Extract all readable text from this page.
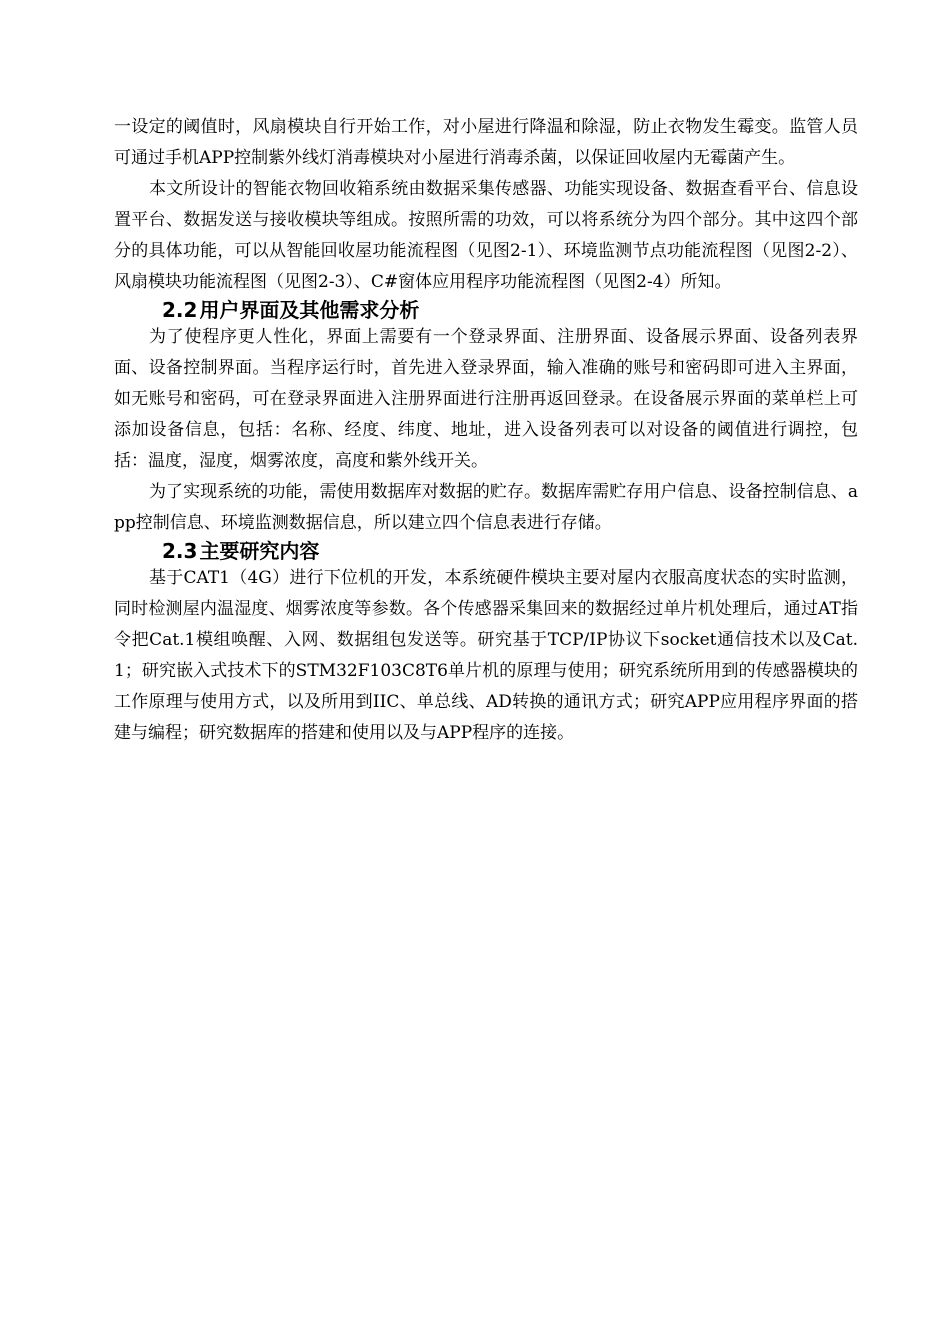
一设定的阈值时，风扇模块自行开始工作，对小屋进行降温和除湿，防止衣物发生霉变。监管人员可通过手机APP控制紫外线灯消毒模块对小屋进行消毒杀菌，以保证回收屋内无霉菌产生。

本文所设计的智能衣物回收箱系统由数据采集传感器、功能实现设备、数据查看平台、信息设置平台、数据发送与接收模块等组成。按照所需的功效，可以将系统分为四个部分。其中这四个部分的具体功能，可以从智能回收屋功能流程图（见图2-1）、环境监测节点功能流程图（见图2-2）、风扇模块功能流程图（见图2-3）、C#窗体应用程序功能流程图（见图2-4）所知。

2.2 用户界面及其他需求分析

为了使程序更人性化，界面上需要有一个登录界面、注册界面、设备展示界面、设备列表界面、设备控制界面。当程序运行时，首先进入登录界面，输入准确的账号和密码即可进入主界面，如无账号和密码，可在登录界面进入注册界面进行注册再返回登录。在设备展示界面的菜单栏上可添加设备信息，包括：名称、经度、纬度、地址，进入设备列表可以对设备的阈值进行调控，包括：温度，湿度，烟雾浓度，高度和紫外线开关。

为了实现系统的功能，需使用数据库对数据的贮存。数据库需贮存用户信息、设备控制信息、app控制信息、环境监测数据信息，所以建立四个信息表进行存储。

2.3 主要研究内容

基于CAT1（4G）进行下位机的开发，本系统硬件模块主要对屋内衣服高度状态的实时监测，同时检测屋内温湿度、烟雾浓度等参数。各个传感器采集回来的数据经过单片机处理后，通过AT指令把Cat.1模组唤醒、入网、数据组包发送等。研究基于TCP/IP协议下socket通信技术以及Cat.1；研究嵌入式技术下的STM32F103C8T6单片机的原理与使用；研究系统所用到的传感器模块的工作原理与使用方式，以及所用到IIC、单总线、AD转换的通讯方式；研究APP应用程序界面的搭建与编程；研究数据库的搭建和使用以及与APP程序的连接。
